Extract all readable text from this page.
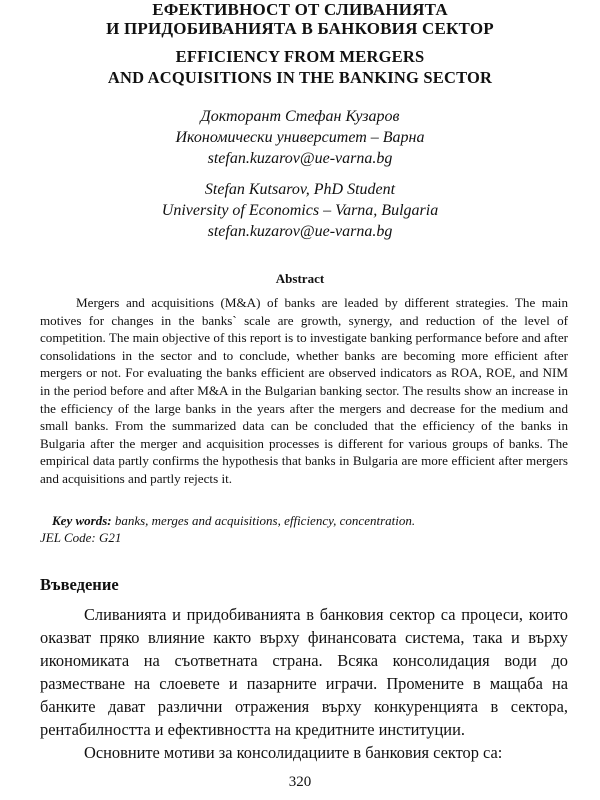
ЕФЕКТИВНОСТ ОТ СЛИВАНИЯТА
И ПРИДОБИВАНИЯТА В БАНКОВИЯ СЕКТОР
EFFICIENCY FROM MERGERS
AND ACQUISITIONS IN THE BANKING SECTOR
Докторант Стефан Кузаров
Икономически университет – Варна
stefan.kuzarov@ue-varna.bg
Stefan Kutsarov, PhD Student
University of Economics – Varna, Bulgaria
stefan.kuzarov@ue-varna.bg
Abstract

Mergers and acquisitions (M&A) of banks are leaded by different strategies. The main motives for changes in the banks` scale are growth, synergy, and reduction of the level of competition. The main objective of this report is to investigate banking performance before and after consolidations in the sector and to conclude, whether banks are becoming more efficient after mergers or not. For evaluating the banks efficient are observed indicators as ROA, ROE, and NIM in the period before and after M&A in the Bulgarian banking sector. The results show an increase in the efficiency of the large banks in the years after the mergers and decrease for the medium and small banks. From the summarized data can be concluded that the efficiency of the banks in Bulgaria after the merger and acquisition processes is different for various groups of banks. The empirical data partly confirms the hypothesis that banks in Bulgaria are more efficient after mergers and acquisitions and partly rejects it.

Key words: banks, merges and acquisitions, efficiency, concentration.
JEL Code: G21
Въведение

Сливанията и придобиванията в банковия сектор са процеси, които оказват пряко влияние както върху финансовата система, така и върху икономиката на съответната страна. Всяка консолидация води до разместване на слоевете и пазарните играчи. Промените в мащаба на банките дават различни отражения върху конкуренцията в сектора, рентабилността и ефективността на кредитните институции.

Основните мотиви за консолидациите в банковия сектор са:

320
